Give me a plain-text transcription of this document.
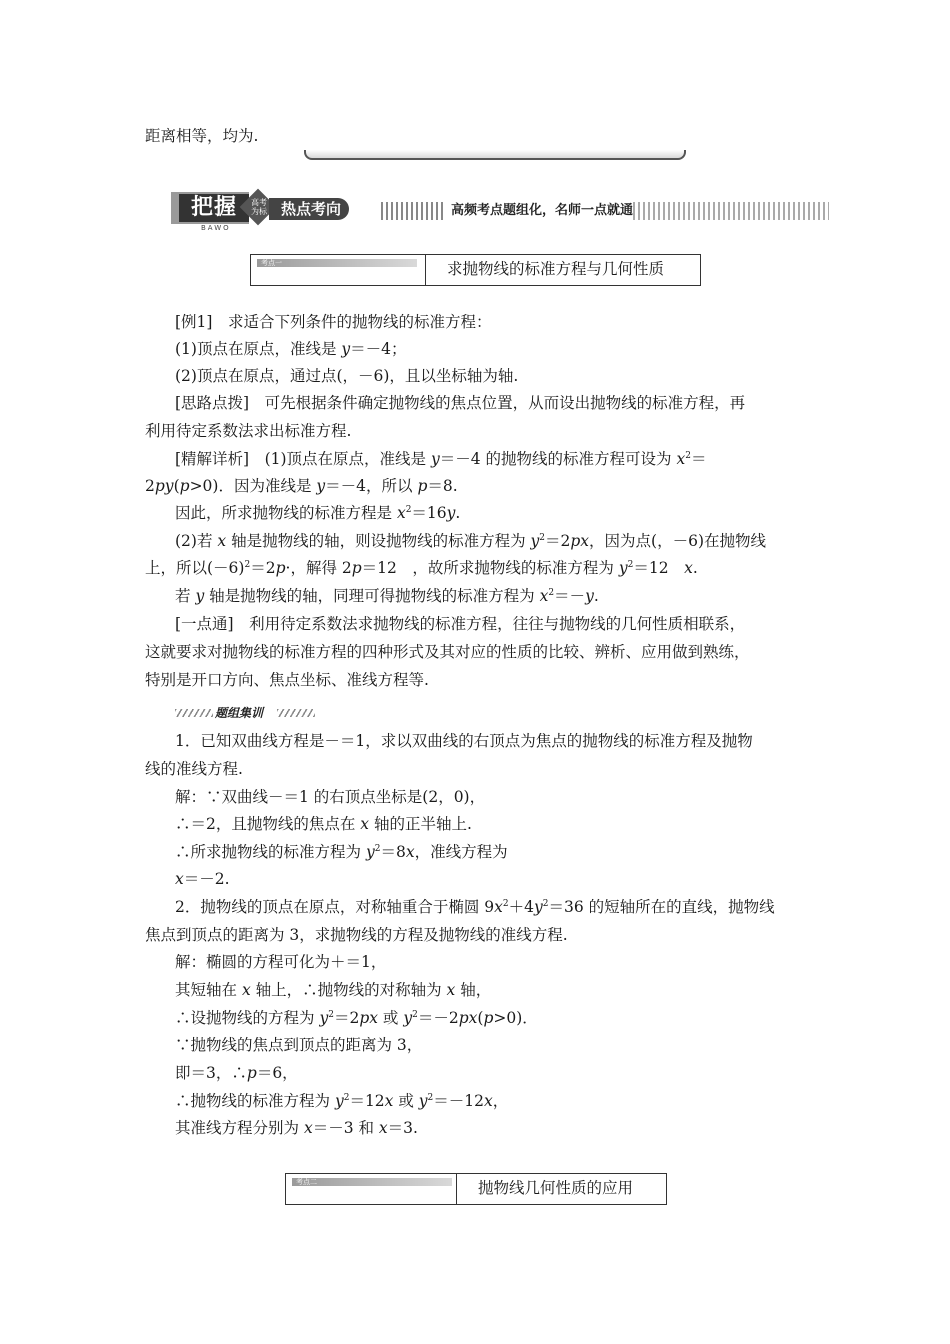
距离相等，均为.
把握
BAWO
高考
为标 热点考向	高频考点题组化，名师一点就通
考点一	求抛物线的标准方程与几何性质
[例1]　求适合下列条件的抛物线的标准方程：
(1)顶点在原点，准线是 y＝－4；
(2)顶点在原点，通过点(，－6)，且以坐标轴为轴.
[思路点拨]　可先根据条件确定抛物线的焦点位置，从而设出抛物线的标准方程，再
利用待定系数法求出标准方程.
[精解详析]　(1)顶点在原点，准线是 y＝－4 的抛物线的标准方程可设为 $x^2=$
2py(p>0)．因为准线是 y＝－4，所以 p＝8.
因此，所求抛物线的标准方程是 $x^2=16y$.
(2)若 x 轴是抛物线的轴，则设抛物线的标准方程为 $y^2=2px$，因为点(，－6)在抛物线
上，所以$(-6)^2=2p\cdot$，解得 2p＝12　，故所求抛物线的标准方程为 $y^2=12$　x.
若 y 轴是抛物线的轴，同理可得抛物线的标准方程为 $x^2=-y$.
[一点通]　利用待定系数法求抛物线的标准方程，往往与抛物线的几何性质相联系，
这就要求对抛物线的标准方程的四种形式及其对应的性质的比较、辨析、应用做到熟练，
特别是开口方向、焦点坐标、准线方程等.
题组集训
1．已知双曲线方程是－＝1，求以双曲线的右顶点为焦点的抛物线的标准方程及抛物
线的准线方程.
解：∵双曲线－＝1 的右顶点坐标是(2，0)，
∴＝2，且抛物线的焦点在 x 轴的正半轴上.
∴所求抛物线的标准方程为 $y^2=8x$，准线方程为
x＝－2.
2．抛物线的顶点在原点，对称轴重合于椭圆 $9x^2+4y^2=36$ 的短轴所在的直线，抛物线
焦点到顶点的距离为 3，求抛物线的方程及抛物线的准线方程.
解：椭圆的方程可化为＋＝1，
其短轴在 x 轴上，∴抛物线的对称轴为 x 轴，
∴设抛物线的方程为 $y^2=2px$ 或 $y^2=-2px(p>0)$．
∵抛物线的焦点到顶点的距离为 3，
即＝3，∴p＝6，
∴抛物线的标准方程为 $y^2=12x$ 或 $y^2=-12x$，
其准线方程分别为 x＝－3 和 x＝3.
考点二	抛物线几何性质的应用
